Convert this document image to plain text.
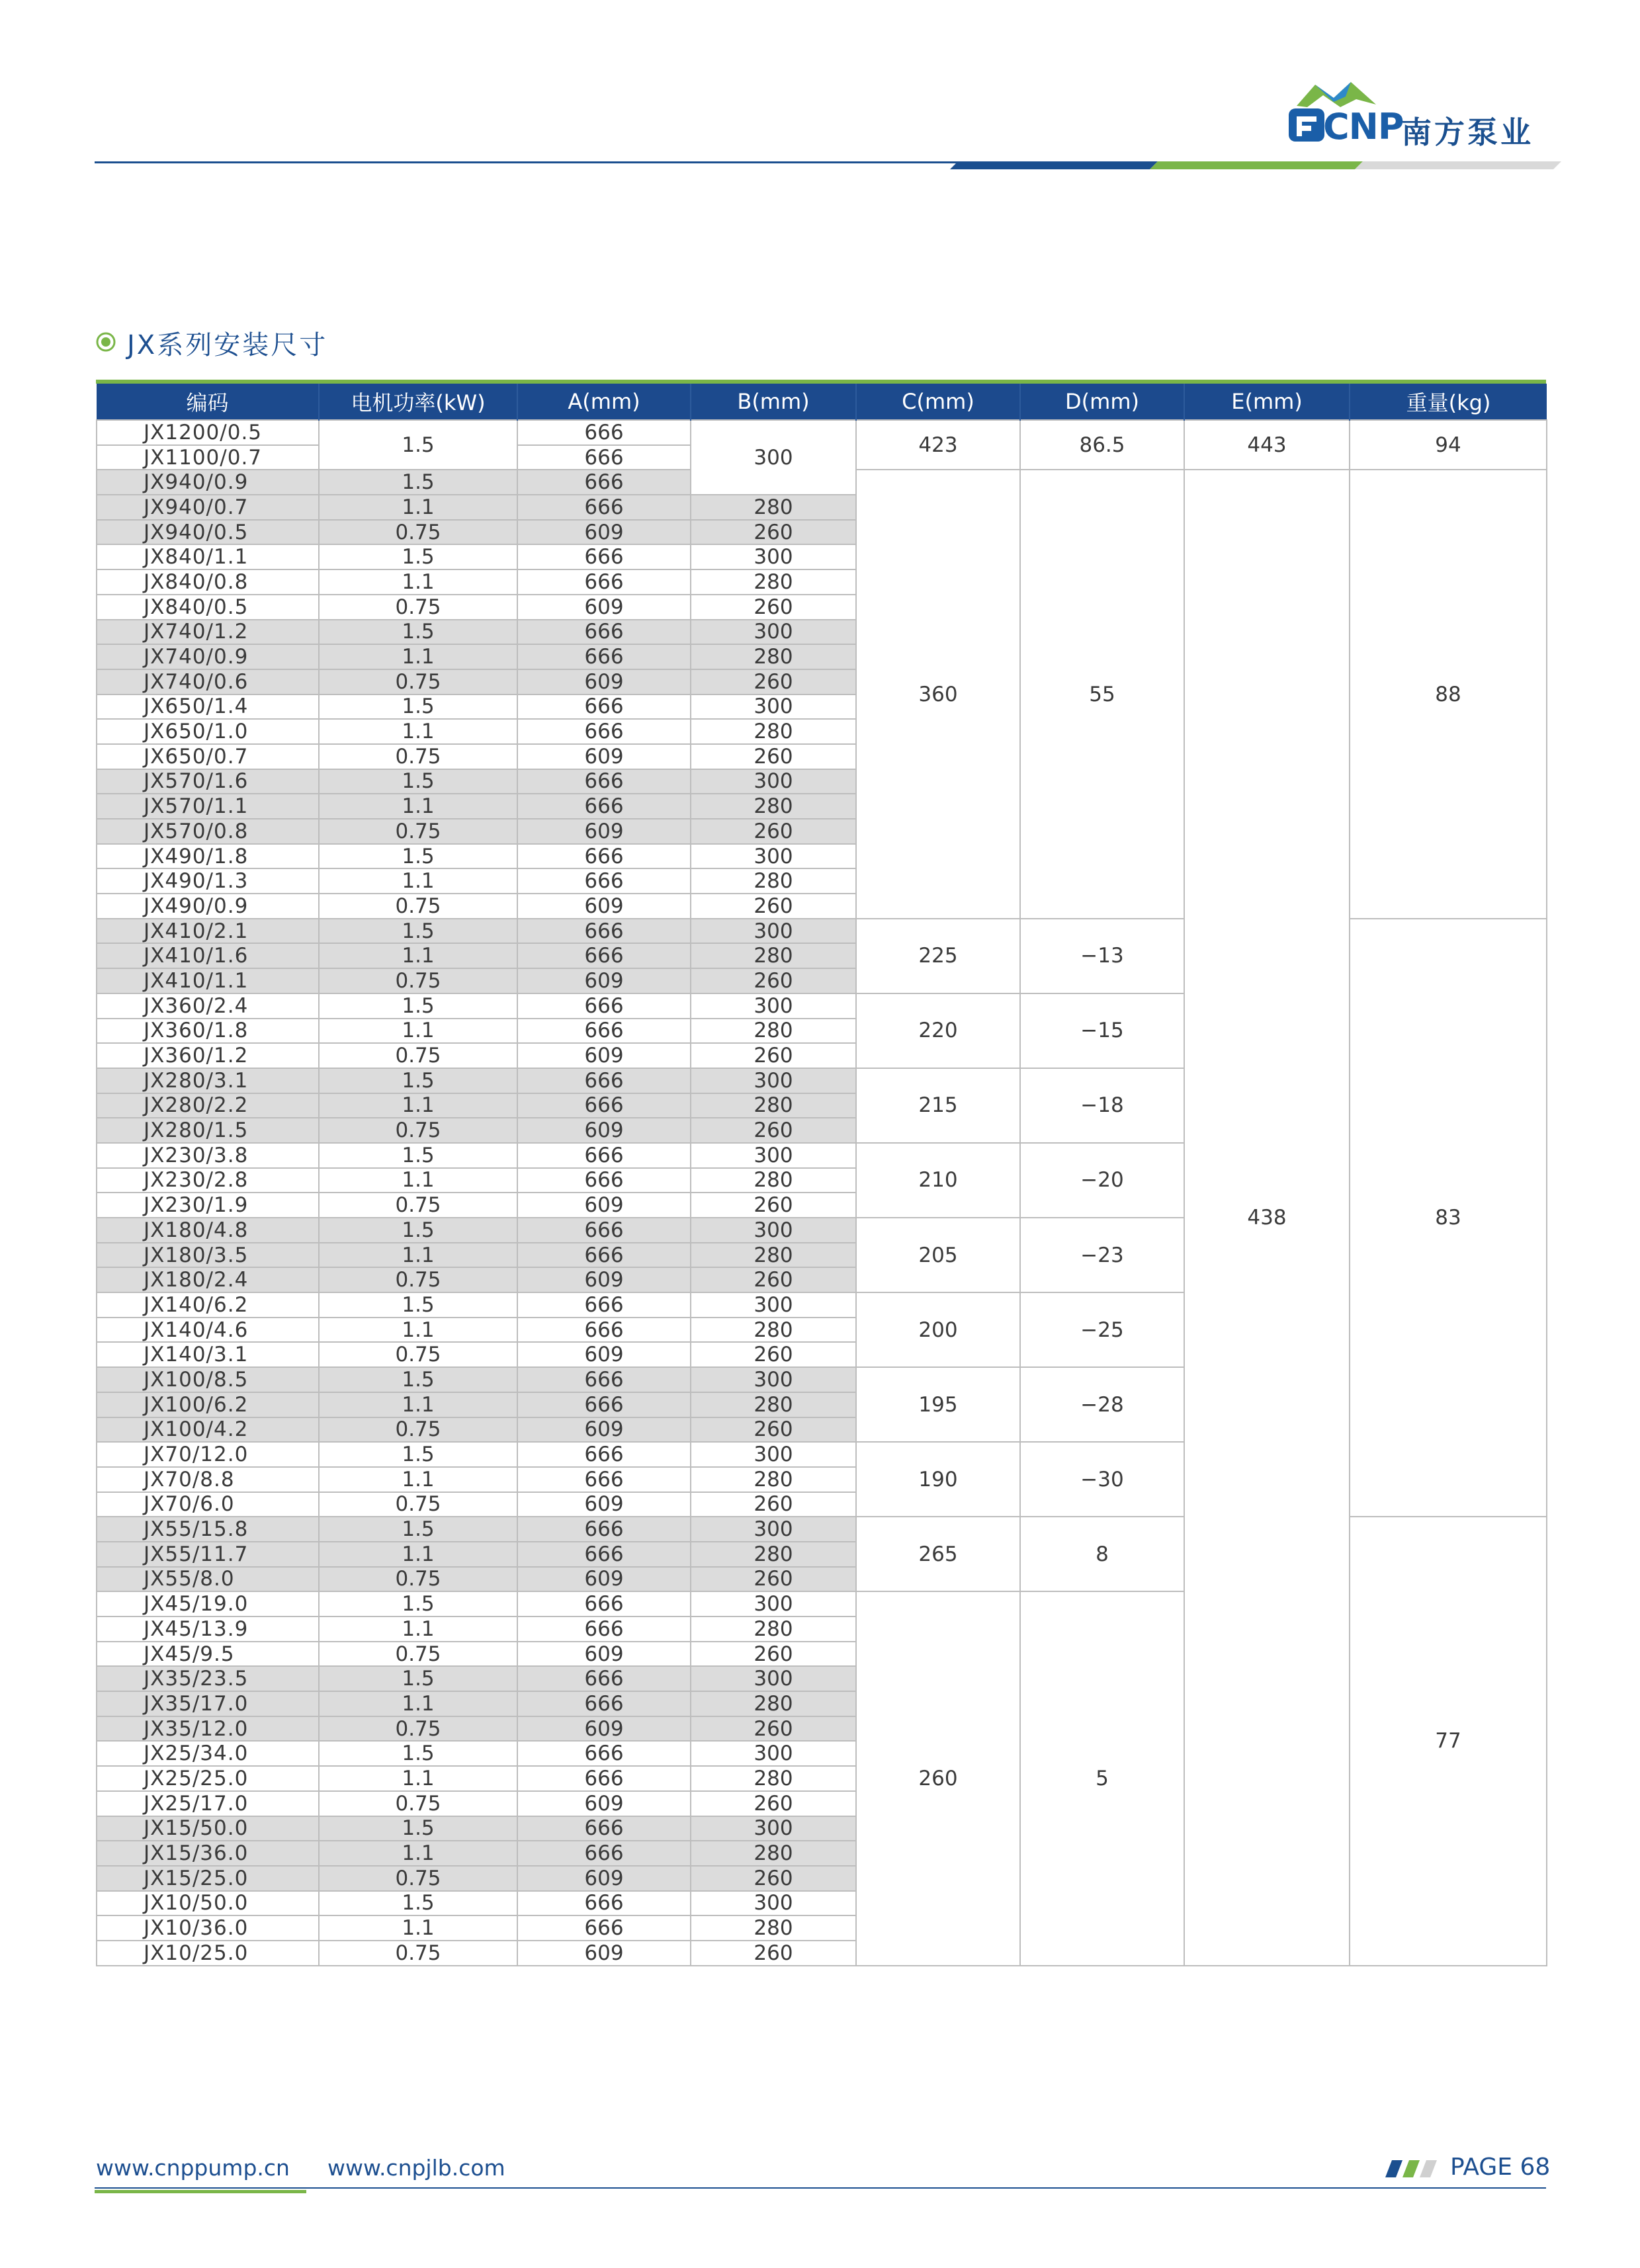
CNP
南方泵业
JX系列安装尺寸
编码	电机功率(kW)	A(mm)	B(mm)	C(mm)	D(mm)	E(mm)	重量(kg)
JX1200/0.5	1.5	666	300	423	86.5	443	94
JX1100/0.7		666					
JX940/0.9	1.5	666		360	55	438	88
JX940/0.7	1.1	666	280				
JX940/0.5	0.75	609	260				
JX840/1.1	1.5	666	300				
JX840/0.8	1.1	666	280				
JX840/0.5	0.75	609	260				
JX740/1.2	1.5	666	300				
JX740/0.9	1.1	666	280				
JX740/0.6	0.75	609	260				
JX650/1.4	1.5	666	300				
JX650/1.0	1.1	666	280				
JX650/0.7	0.75	609	260				
JX570/1.6	1.5	666	300				
JX570/1.1	1.1	666	280				
JX570/0.8	0.75	609	260				
JX490/1.8	1.5	666	300				
JX490/1.3	1.1	666	280				
JX490/0.9	0.75	609	260				
JX410/2.1	1.5	666	300	225	−13		83
JX410/1.6	1.1	666	280				
JX410/1.1	0.75	609	260				
JX360/2.4	1.5	666	300	220	−15		
JX360/1.8	1.1	666	280				
JX360/1.2	0.75	609	260				
JX280/3.1	1.5	666	300	215	−18		
JX280/2.2	1.1	666	280				
JX280/1.5	0.75	609	260				
JX230/3.8	1.5	666	300	210	−20		
JX230/2.8	1.1	666	280				
JX230/1.9	0.75	609	260				
JX180/4.8	1.5	666	300	205	−23		
JX180/3.5	1.1	666	280				
JX180/2.4	0.75	609	260				
JX140/6.2	1.5	666	300	200	−25		
JX140/4.6	1.1	666	280				
JX140/3.1	0.75	609	260				
JX100/8.5	1.5	666	300	195	−28		
JX100/6.2	1.1	666	280				
JX100/4.2	0.75	609	260				
JX70/12.0	1.5	666	300	190	−30		
JX70/8.8	1.1	666	280				
JX70/6.0	0.75	609	260				
JX55/15.8	1.5	666	300	265	8		77
JX55/11.7	1.1	666	280				
JX55/8.0	0.75	609	260				
JX45/19.0	1.5	666	300	260	5		
JX45/13.9	1.1	666	280				
JX45/9.5	0.75	609	260				
JX35/23.5	1.5	666	300				
JX35/17.0	1.1	666	280				
JX35/12.0	0.75	609	260				
JX25/34.0	1.5	666	300				
JX25/25.0	1.1	666	280				
JX25/17.0	0.75	609	260				
JX15/50.0	1.5	666	300				
JX15/36.0	1.1	666	280				
JX15/25.0	0.75	609	260				
JX10/50.0	1.5	666	300				
JX10/36.0	1.1	666	280				
JX10/25.0	0.75	609	260				
www.cnppump.cn www.cnpjlb.com	PAGE 68
